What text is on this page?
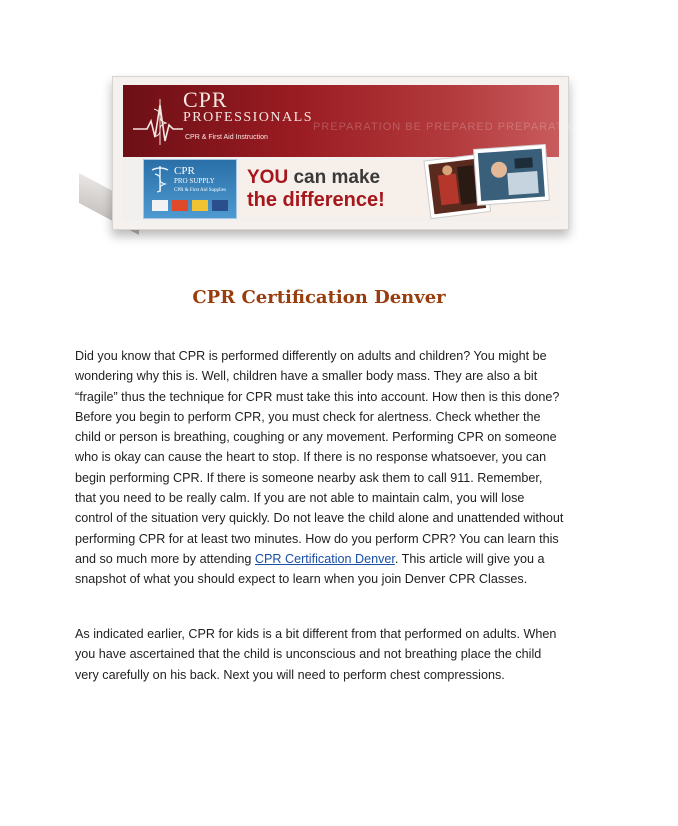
CPR
PROFESSIONALS
CPR & First Aid Instruction
PREPARATION BE PREPARED PREPARATION PREPARATION
CPR
PRO SUPPLY
CPR & First Aid Supplies
YOU can make
the difference!
CPR Certification Denver

Did you know that CPR is performed differently on adults and children? You might be wondering why this is. Well, children have a smaller body mass. They are also a bit “fragile” thus the technique for CPR must take this into account. How then is this done? Before you begin to perform CPR, you must check for alertness. Check whether the child or person is breathing, coughing or any movement. Performing CPR on someone who is okay can cause the heart to stop. If there is no response whatsoever, you can begin performing CPR. If there is someone nearby ask them to call 911. Remember, that you need to be really calm. If you are not able to maintain calm, you will lose control of the situation very quickly. Do not leave the child alone and unattended without performing CPR for at least two minutes. How do you perform CPR? You can learn this and so much more by attending CPR Certification Denver. This article will give you a snapshot of what you should expect to learn when you join Denver CPR Classes.

As indicated earlier, CPR for kids is a bit different from that performed on adults. When you have ascertained that the child is unconscious and not breathing place the child very carefully on his back. Next you will need to perform chest compressions.
